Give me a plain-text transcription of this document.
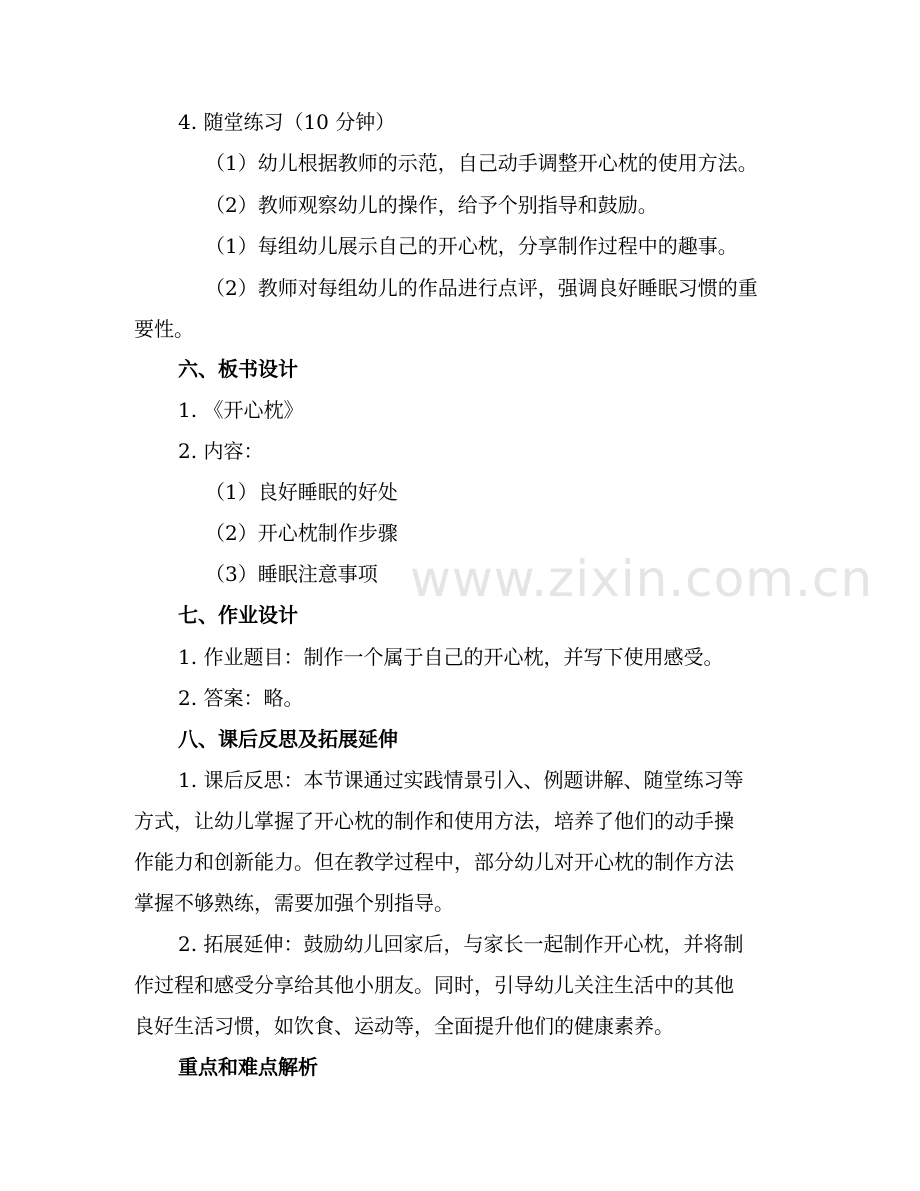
4. 随堂练习（10 分钟）

（1）幼儿根据教师的示范，自己动手调整开心枕的使用方法。

（2）教师观察幼儿的操作，给予个别指导和鼓励。

（1）每组幼儿展示自己的开心枕，分享制作过程中的趣事。

（2）教师对每组幼儿的作品进行点评，强调良好睡眠习惯的重

要性。

六、板书设计

1. 《开心枕》

2. 内容：

（1）良好睡眠的好处

（2）开心枕制作步骤

（3）睡眠注意事项

七、作业设计

1. 作业题目：制作一个属于自己的开心枕，并写下使用感受。

2. 答案：略。

八、课后反思及拓展延伸

1. 课后反思：本节课通过实践情景引入、例题讲解、随堂练习等

方式，让幼儿掌握了开心枕的制作和使用方法，培养了他们的动手操

作能力和创新能力。但在教学过程中，部分幼儿对开心枕的制作方法

掌握不够熟练，需要加强个别指导。

2. 拓展延伸：鼓励幼儿回家后，与家长一起制作开心枕，并将制

作过程和感受分享给其他小朋友。同时，引导幼儿关注生活中的其他

良好生活习惯，如饮食、运动等，全面提升他们的健康素养。

重点和难点解析

www.zixin.com.cn
